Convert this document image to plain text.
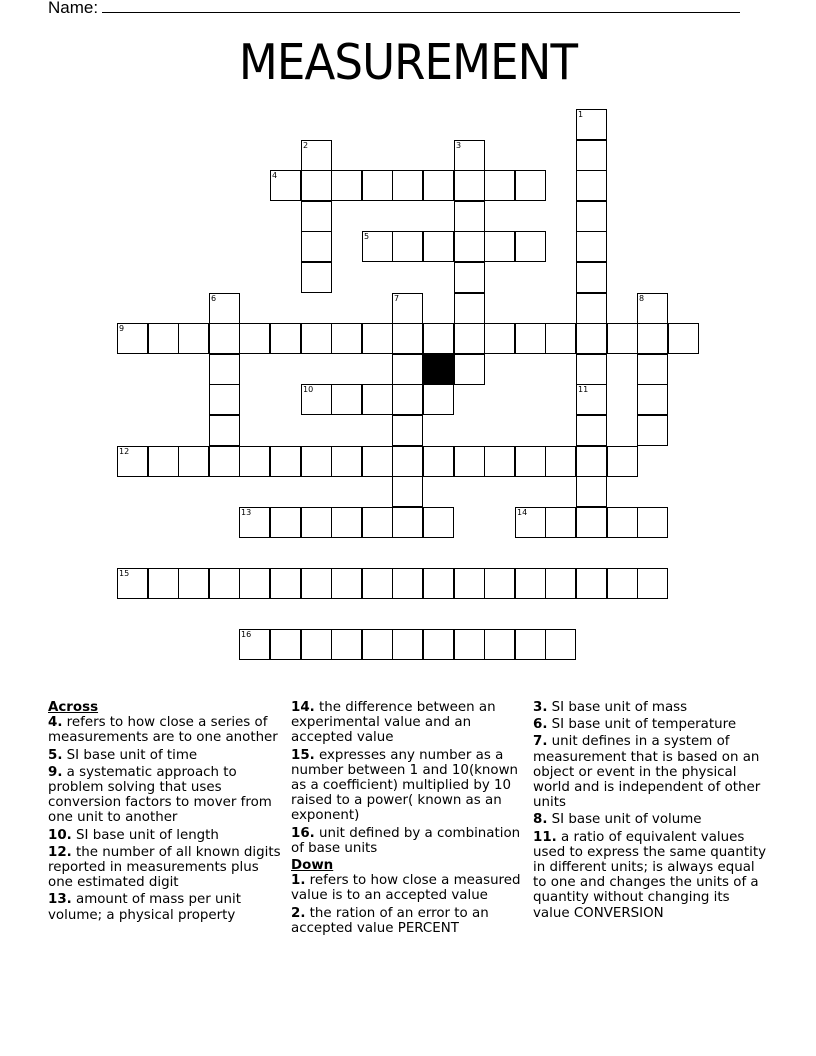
Name:
MEASUREMENT
1
11
2	3
4
5
6	7	8
9
10
12
13	14
15
16
Across
4. refers to how close a series of measurements are to one another
5. SI base unit of time
9. a systematic approach to problem solving that uses conversion factors to mover from one unit to another
10. SI base unit of length
12. the number of all known digits reported in measurements plus one estimated digit
13. amount of mass per unit volume; a physical property
14. the difference between an experimental value and an accepted value
15. expresses any number as a number between 1 and 10(known as a coefficient) multiplied by 10 raised to a power( known as an exponent)
16. unit defined by a combination of base units
Down
1. refers to how close a measured value is to an accepted value
2. the ration of an error to an accepted value PERCENT
3. SI base unit of mass
6. SI base unit of temperature
7. unit defines in a system of measurement that is based on an object or event in the physical world and is independent of other units
8. SI base unit of volume
11. a ratio of equivalent values used to express the same quantity in different units; is always equal to one and changes the units of a quantity without changing its value CONVERSION
